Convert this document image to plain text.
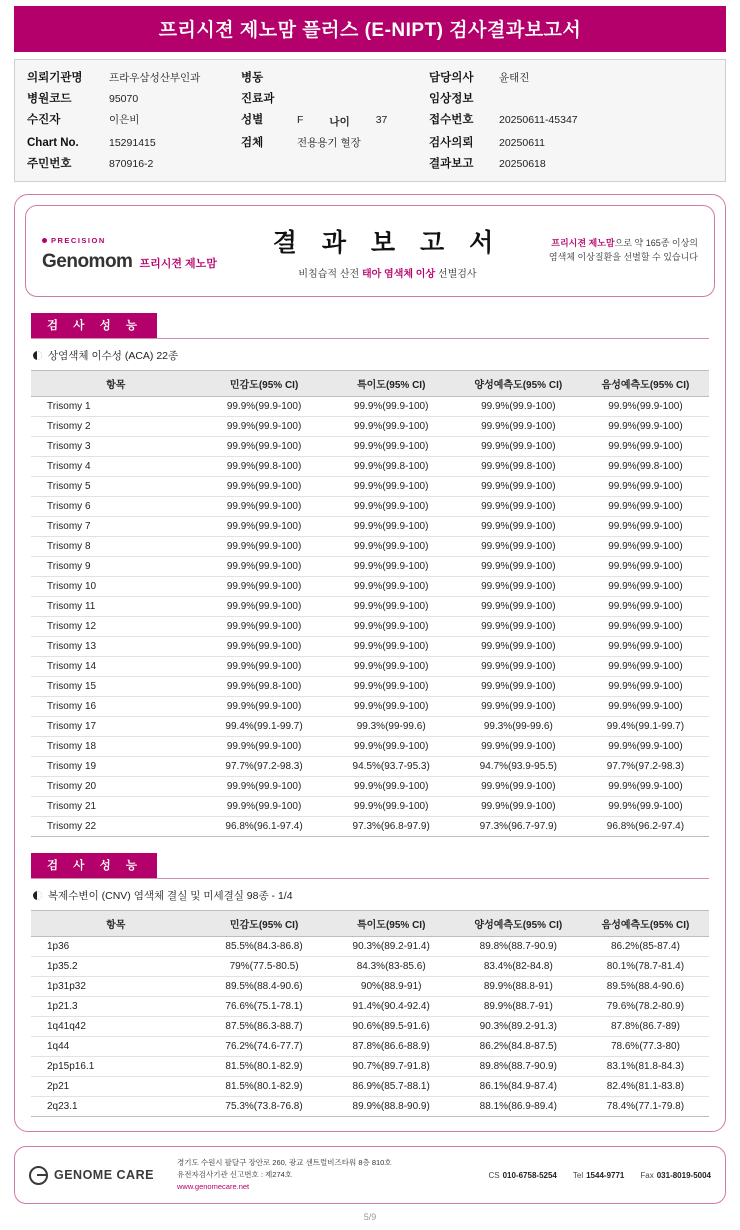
프리시젼 제노맘 플러스 (E-NIPT) 검사결과보고서
의뢰기관명	프라우삼성산부인과	병동	담당의사	윤태진
병원코드	95070	진료과	임상정보
수진자	이은비	성별	F 나이 37	접수번호	20250611-45347
Chart No.	15291415	검체	전용용기 혈장	검사의뢰	20250611
주민번호	870916-2	결과보고	20250618
PRECISION
Genomom 프리시젼 제노맘
결 과 보 고 서
비침습적 산전 태아 염색체 이상 선별검사
프리시젼 제노맘으로 약 165종 이상의
염색체 이상질환을 선별할 수 있습니다
검 사 성 능
상염색체 이수성 (ACA) 22종
항목	민감도(95% CI)	특이도(95% CI)	양성예측도(95% CI)	음성예측도(95% CI)
Trisomy 1	99.9%(99.9-100)	99.9%(99.9-100)	99.9%(99.9-100)	99.9%(99.9-100)
Trisomy 2	99.9%(99.9-100)	99.9%(99.9-100)	99.9%(99.9-100)	99.9%(99.9-100)
Trisomy 3	99.9%(99.9-100)	99.9%(99.9-100)	99.9%(99.9-100)	99.9%(99.9-100)
Trisomy 4	99.9%(99.8-100)	99.9%(99.8-100)	99.9%(99.8-100)	99.9%(99.8-100)
Trisomy 5	99.9%(99.9-100)	99.9%(99.9-100)	99.9%(99.9-100)	99.9%(99.9-100)
Trisomy 6	99.9%(99.9-100)	99.9%(99.9-100)	99.9%(99.9-100)	99.9%(99.9-100)
Trisomy 7	99.9%(99.9-100)	99.9%(99.9-100)	99.9%(99.9-100)	99.9%(99.9-100)
Trisomy 8	99.9%(99.9-100)	99.9%(99.9-100)	99.9%(99.9-100)	99.9%(99.9-100)
Trisomy 9	99.9%(99.9-100)	99.9%(99.9-100)	99.9%(99.9-100)	99.9%(99.9-100)
Trisomy 10	99.9%(99.9-100)	99.9%(99.9-100)	99.9%(99.9-100)	99.9%(99.9-100)
Trisomy 11	99.9%(99.9-100)	99.9%(99.9-100)	99.9%(99.9-100)	99.9%(99.9-100)
Trisomy 12	99.9%(99.9-100)	99.9%(99.9-100)	99.9%(99.9-100)	99.9%(99.9-100)
Trisomy 13	99.9%(99.9-100)	99.9%(99.9-100)	99.9%(99.9-100)	99.9%(99.9-100)
Trisomy 14	99.9%(99.9-100)	99.9%(99.9-100)	99.9%(99.9-100)	99.9%(99.9-100)
Trisomy 15	99.9%(99.8-100)	99.9%(99.9-100)	99.9%(99.9-100)	99.9%(99.9-100)
Trisomy 16	99.9%(99.9-100)	99.9%(99.9-100)	99.9%(99.9-100)	99.9%(99.9-100)
Trisomy 17	99.4%(99.1-99.7)	99.3%(99-99.6)	99.3%(99-99.6)	99.4%(99.1-99.7)
Trisomy 18	99.9%(99.9-100)	99.9%(99.9-100)	99.9%(99.9-100)	99.9%(99.9-100)
Trisomy 19	97.7%(97.2-98.3)	94.5%(93.7-95.3)	94.7%(93.9-95.5)	97.7%(97.2-98.3)
Trisomy 20	99.9%(99.9-100)	99.9%(99.9-100)	99.9%(99.9-100)	99.9%(99.9-100)
Trisomy 21	99.9%(99.9-100)	99.9%(99.9-100)	99.9%(99.9-100)	99.9%(99.9-100)
Trisomy 22	96.8%(96.1-97.4)	97.3%(96.8-97.9)	97.3%(96.7-97.9)	96.8%(96.2-97.4)
검 사 성 능
복제수변이 (CNV) 염색체 결실 및 미세결실 98종 - 1/4
항목	민감도(95% CI)	특이도(95% CI)	양성예측도(95% CI)	음성예측도(95% CI)
1p36	85.5%(84.3-86.8)	90.3%(89.2-91.4)	89.8%(88.7-90.9)	86.2%(85-87.4)
1p35.2	79%(77.5-80.5)	84.3%(83-85.6)	83.4%(82-84.8)	80.1%(78.7-81.4)
1p31p32	89.5%(88.4-90.6)	90%(88.9-91)	89.9%(88.8-91)	89.5%(88.4-90.6)
1p21.3	76.6%(75.1-78.1)	91.4%(90.4-92.4)	89.9%(88.7-91)	79.6%(78.2-80.9)
1q41q42	87.5%(86.3-88.7)	90.6%(89.5-91.6)	90.3%(89.2-91.3)	87.8%(86.7-89)
1q44	76.2%(74.6-77.7)	87.8%(86.6-88.9)	86.2%(84.8-87.5)	78.6%(77.3-80)
2p15p16.1	81.5%(80.1-82.9)	90.7%(89.7-91.8)	89.8%(88.7-90.9)	83.1%(81.8-84.3)
2p21	81.5%(80.1-82.9)	86.9%(85.7-88.1)	86.1%(84.9-87.4)	82.4%(81.1-83.8)
2q23.1	75.3%(73.8-76.8)	89.9%(88.8-90.9)	88.1%(86.9-89.4)	78.4%(77.1-79.8)
GENOME CARE
경기도 수원시 팔달구 장안로 260, 광교 센트럴비즈타워 8층 810호
유전자검사기관 신고번호 : 제274호
www.genomecare.net
CS 010-6758-5254 Tel 1544-9771 Fax 031-8019-5004
5/9
